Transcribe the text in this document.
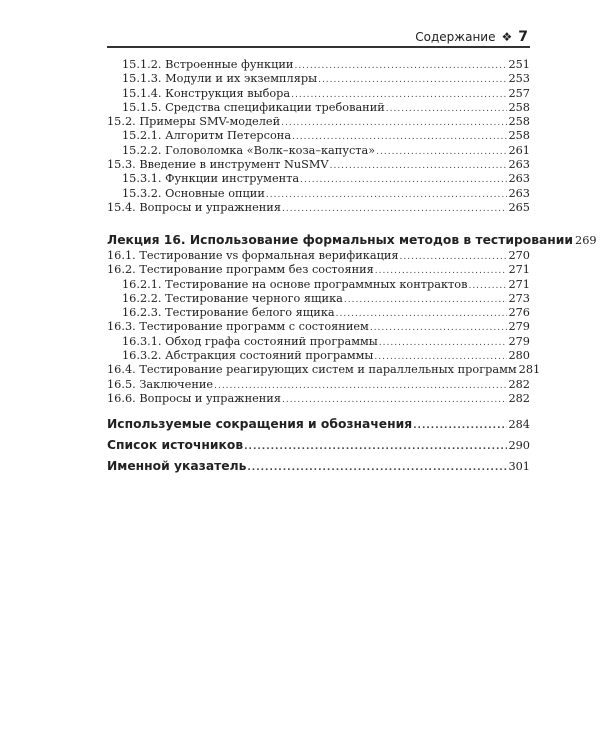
Содержание ❖ 7
15.1.2. Встроенные функции .....	251
15.1.3. Модули и их экземпляры .....	253
15.1.4. Конструкция выбора .....	257
15.1.5. Средства спецификации требований .....	258
15.2. Примеры SMV-моделей .....	258
15.2.1. Алгоритм Петерсона .....	258
15.2.2. Головоломка «Волк–коза–капуста» .....	261
15.3. Введение в инструмент NuSMV .....	263
15.3.1. Функции инструмента .....	263
15.3.2. Основные опции .....	263
15.4. Вопросы и упражнения .....	265
Лекция 16. Использование формальных методов в тестировании 269
16.1. Тестирование vs формальная верификация .....	270
16.2. Тестирование программ без состояния .....	271
16.2.1. Тестирование на основе программных контрактов .....	271
16.2.2. Тестирование черного ящика .....	273
16.2.3. Тестирование белого ящика .....	276
16.3. Тестирование программ с состоянием .....	279
16.3.1. Обход графа состояний программы .....	279
16.3.2. Абстракция состояний программы .....	280
16.4. Тестирование реагирующих систем и параллельных программ 281
16.5. Заключение .....	282
16.6. Вопросы и упражнения .....	282
Используемые сокращения и обозначения .....	284
Список источников .....	290
Именной указатель .....	301
